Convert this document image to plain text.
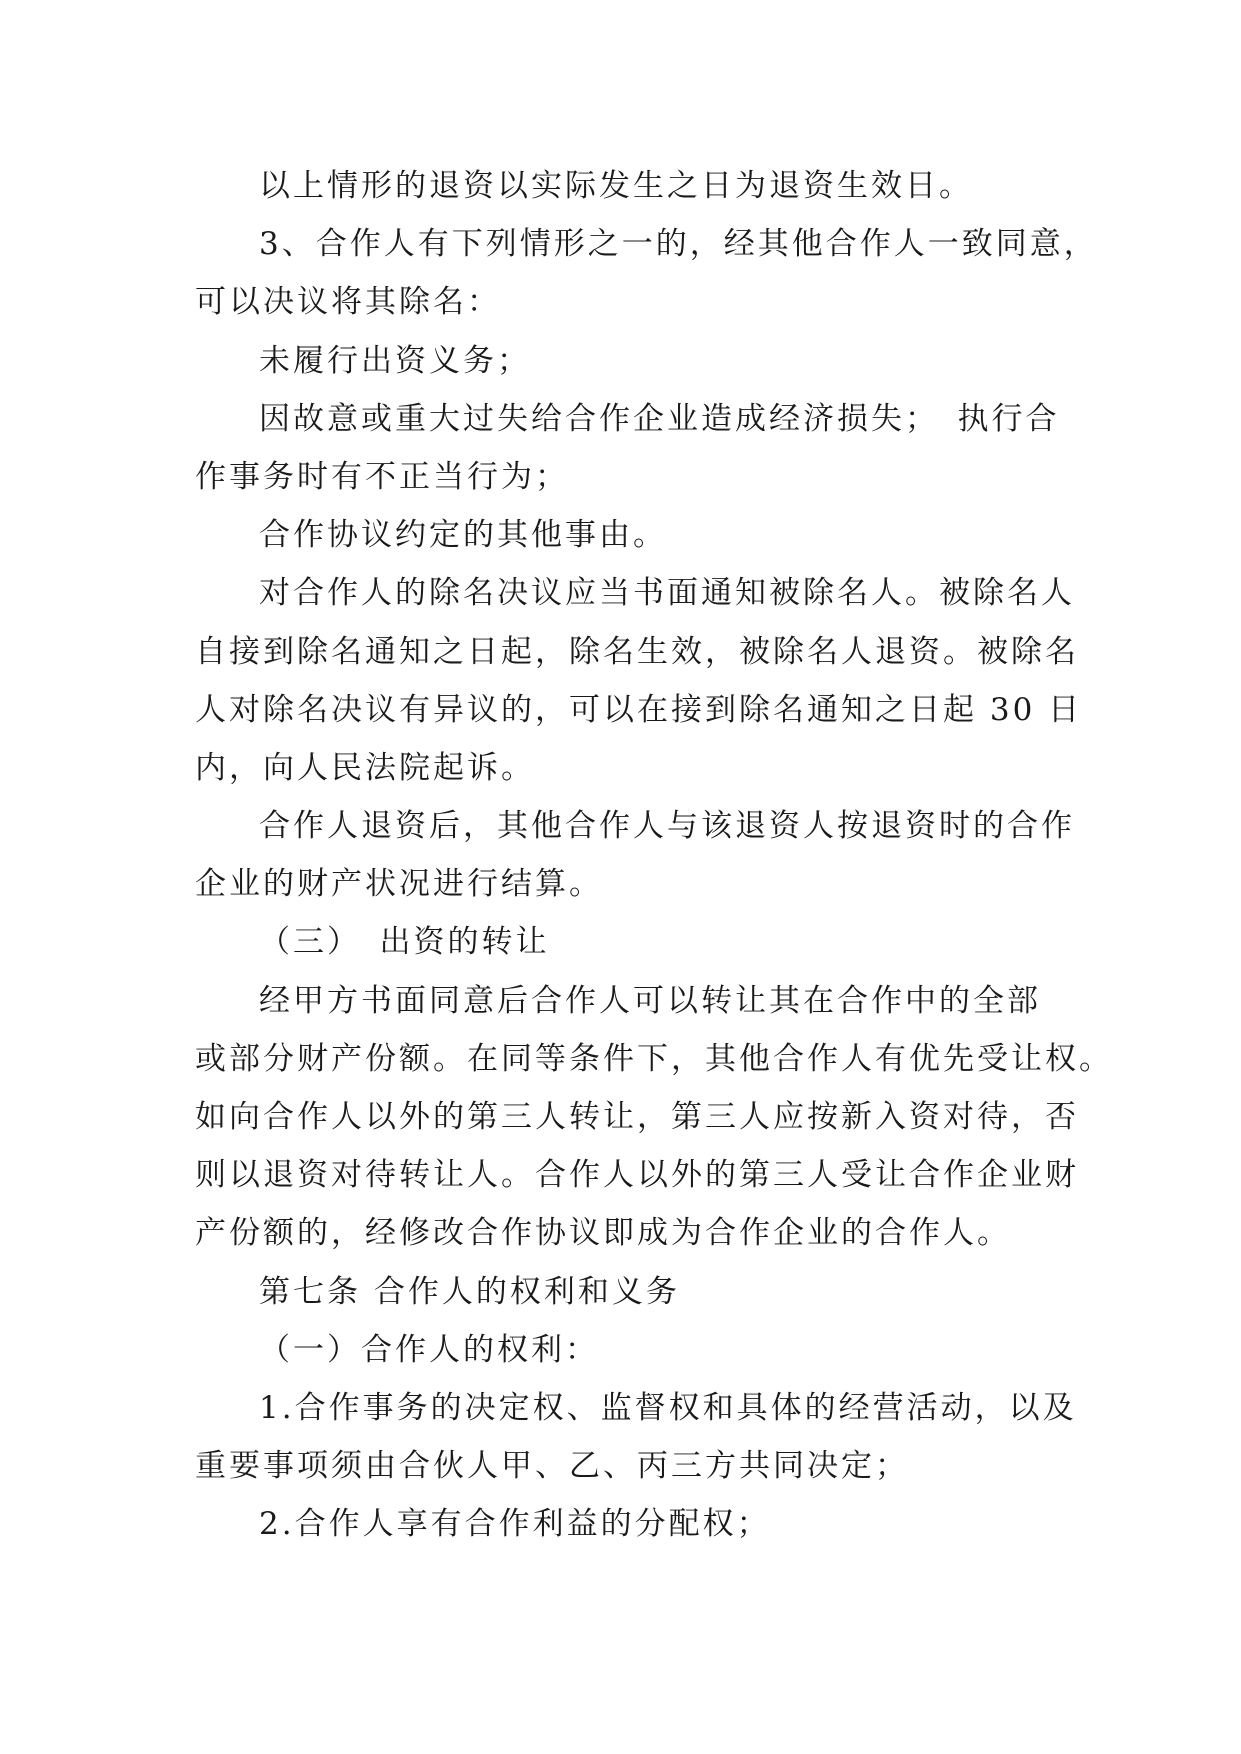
以上情形的退资以实际发生之日为退资生效日。
3、合作人有下列情形之一的，经其他合作人一致同意，
可以决议将其除名：
未履行出资义务；
因故意或重大过失给合作企业造成经济损失；　执行合
作事务时有不正当行为；
合作协议约定的其他事由。
对合作人的除名决议应当书面通知被除名人。被除名人
自接到除名通知之日起，除名生效，被除名人退资。被除名
人对除名决议有异议的，可以在接到除名通知之日起 30 日
内，向人民法院起诉。
合作人退资后，其他合作人与该退资人按退资时的合作
企业的财产状况进行结算。
（三）　出资的转让
经甲方书面同意后合作人可以转让其在合作中的全部
或部分财产份额。在同等条件下，其他合作人有优先受让权。
如向合作人以外的第三人转让，第三人应按新入资对待，否
则以退资对待转让人。合作人以外的第三人受让合作企业财
产份额的，经修改合作协议即成为合作企业的合作人。
第七条 合作人的权利和义务
（一）合作人的权利：
1.合作事务的决定权、监督权和具体的经营活动，以及
重要事项须由合伙人甲、乙、丙三方共同决定；
2.合作人享有合作利益的分配权；
